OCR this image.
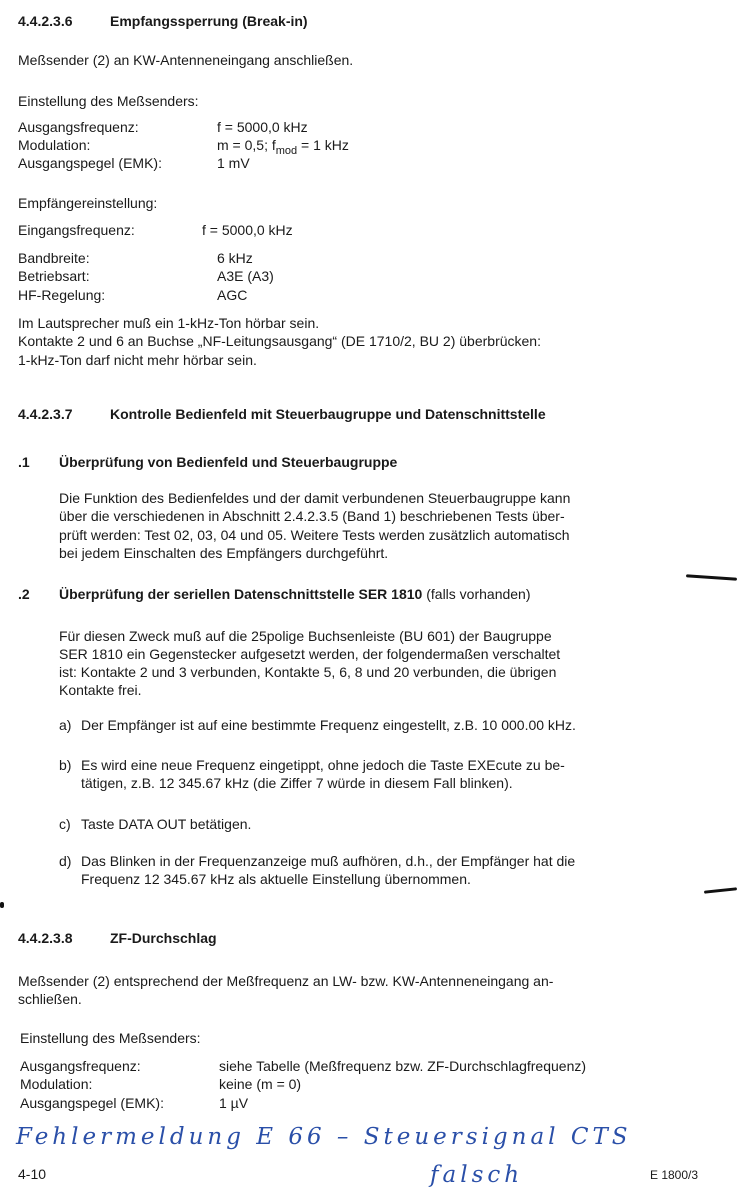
4.4.2.3.6	Empfangssperrung (Break-in)
Meßsender (2) an KW-Antenneneingang anschließen.
Einstellung des Meßsenders:
Ausgangsfrequenz:	f = 5000,0 kHz
Modulation:	m = 0,5; $f_{mod} = 1$ kHz
Ausgangspegel (EMK):	1 mV
Empfängereinstellung:
Eingangsfrequenz:	f = 5000,0 kHz
Bandbreite:	6 kHz
Betriebsart:	A3E (A3)
HF-Regelung:	AGC
Im Lautsprecher muß ein 1-kHz-Ton hörbar sein.
Kontakte 2 und 6 an Buchse „NF-Leitungsausgang“ (DE 1710/2, BU 2) überbrücken:
1-kHz-Ton darf nicht mehr hörbar sein.
4.4.2.3.7	Kontrolle Bedienfeld mit Steuerbaugruppe und Datenschnittstelle
.1 Überprüfung von Bedienfeld und Steuerbaugruppe
Die Funktion des Bedienfeldes und der damit verbundenen Steuerbaugruppe kann
über die verschiedenen in Abschnitt 2.4.2.3.5 (Band 1) beschriebenen Tests über-
prüft werden: Test 02, 03, 04 und 05. Weitere Tests werden zusätzlich automatisch
bei jedem Einschalten des Empfängers durchgeführt.
.2 Überprüfung der seriellen Datenschnittstelle SER 1810 (falls vorhanden)
Für diesen Zweck muß auf die 25polige Buchsenleiste (BU 601) der Baugruppe
SER 1810 ein Gegenstecker aufgesetzt werden, der folgendermaßen verschaltet
ist: Kontakte 2 und 3 verbunden, Kontakte 5, 6, 8 und 20 verbunden, die übrigen
Kontakte frei.
a) Der Empfänger ist auf eine bestimmte Frequenz eingestellt, z.B. 10 000.00 kHz.
b) Es wird eine neue Frequenz eingetippt, ohne jedoch die Taste EXEcute zu be-
tätigen, z.B. 12 345.67 kHz (die Ziffer 7 würde in diesem Fall blinken).
c) Taste DATA OUT betätigen.
d) Das Blinken in der Frequenzanzeige muß aufhören, d.h., der Empfänger hat die
Frequenz 12 345.67 kHz als aktuelle Einstellung übernommen.
4.4.2.3.8	ZF-Durchschlag
Meßsender (2) entsprechend der Meßfrequenz an LW- bzw. KW-Antenneneingang an-
schließen.
Einstellung des Meßsenders:
Ausgangsfrequenz:	siehe Tabelle (Meßfrequenz bzw. ZF-Durchschlagfrequenz)
Modulation:	keine (m = 0)
Ausgangspegel (EMK):	1 µV
Fehlermeldung E 66 – Steuersignal CTS
falsch
4-10	E 1800/3
